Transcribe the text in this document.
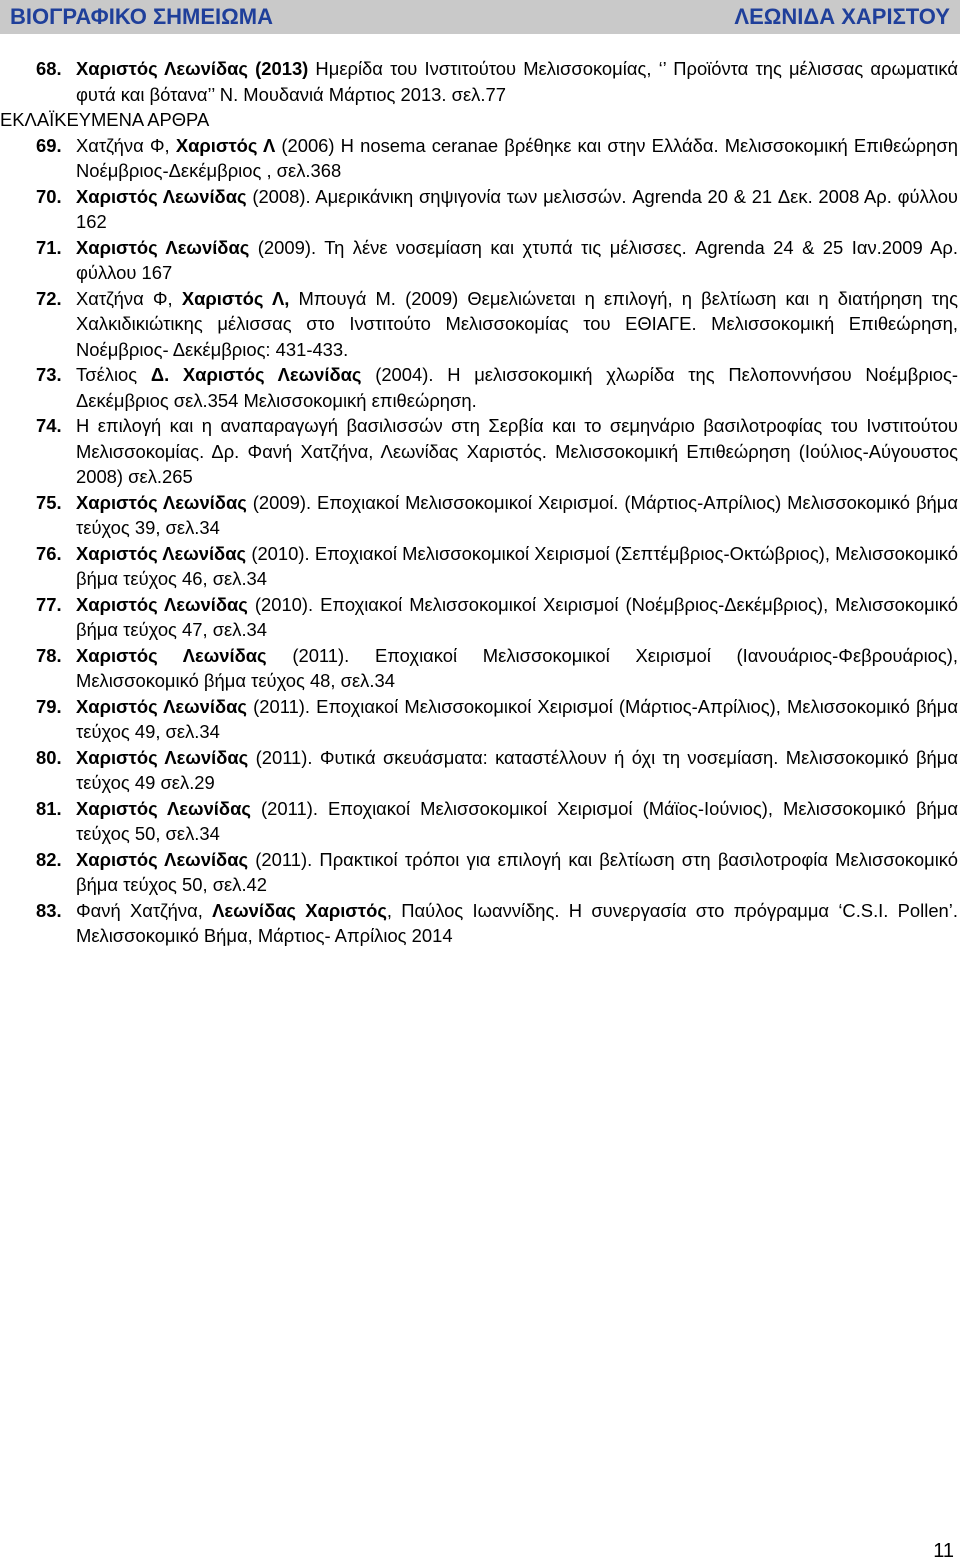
ΒΙΟΓΡΑΦΙΚΟ ΣΗΜΕΙΩΜΑ	ΛΕΩΝΙΔΑ ΧΑΡΙΣΤΟΥ
68. Χαριστός Λεωνίδας (2013) Ημερίδα του Ινστιτούτου Μελισσοκομίας, ‘’ Προϊόντα της μέλισσας αρωματικά φυτά και βότανα’’ Ν. Μουδανιά Μάρτιος 2013. σελ.77
ΕΚΛΑΪΚΕΥΜΕΝΑ ΑΡΘΡΑ
69. Χατζήνα Φ, Χαριστός Λ (2006) H nosema ceranae βρέθηκε και στην Ελλάδα. Μελισσοκομική Επιθεώρηση Νοέμβριος-Δεκέμβριος , σελ.368
70. Χαριστός Λεωνίδας (2008). Αμερικάνικη σηψιγονία των μελισσών. Agrenda 20 & 21 Δεκ. 2008 Αρ. φύλλου 162
71. Χαριστός Λεωνίδας (2009). Τη λένε νοσεμίαση και χτυπά τις μέλισσες. Agrenda 24 & 25 Ιαν.2009 Αρ. φύλλου 167
72. Χατζήνα Φ, Χαριστός Λ, Μπουγά Μ. (2009) Θεμελιώνεται η επιλογή, η βελτίωση και η διατήρηση της Χαλκιδικιώτικης μέλισσας στο Ινστιτούτο Μελισσοκομίας του ΕΘΙΑΓΕ. Μελισσοκομική Επιθεώρηση, Νοέμβριος- Δεκέμβριος: 431-433.
73. Τσέλιος Δ. Χαριστός Λεωνίδας (2004). Η μελισσοκομική χλωρίδα της Πελοποννήσου Νοέμβριος- Δεκέμβριος σελ.354 Μελισσοκομική επιθεώρηση.
74. Η επιλογή και η αναπαραγωγή βασιλισσών στη Σερβία και το σεμηνάριο βασιλοτροφίας του Ινστιτούτου Μελισσοκομίας. Δρ. Φανή Χατζήνα, Λεωνίδας Χαριστός. Μελισσοκομική Επιθεώρηση (Ιούλιος-Αύγουστος 2008) σελ.265
75. Χαριστός Λεωνίδας (2009). Εποχιακοί Μελισσοκομικοί Χειρισμοί. (Μάρτιος-Απρίλιος) Μελισσοκομικό βήμα τεύχος 39, σελ.34
76. Χαριστός Λεωνίδας (2010). Εποχιακοί Μελισσοκομικοί Χειρισμοί (Σεπτέμβριος-Οκτώβριος), Μελισσοκομικό βήμα τεύχος 46, σελ.34
77. Χαριστός Λεωνίδας (2010). Εποχιακοί Μελισσοκομικοί Χειρισμοί (Νοέμβριος-Δεκέμβριος), Μελισσοκομικό βήμα τεύχος 47, σελ.34
78. Χαριστός Λεωνίδας (2011). Εποχιακοί Μελισσοκομικοί Χειρισμοί (Ιανουάριος-Φεβρουάριος), Μελισσοκομικό βήμα τεύχος 48, σελ.34
79. Χαριστός Λεωνίδας (2011). Εποχιακοί Μελισσοκομικοί Χειρισμοί (Μάρτιος-Απρίλιος), Μελισσοκομικό βήμα τεύχος 49, σελ.34
80. Χαριστός Λεωνίδας (2011). Φυτικά σκευάσματα: καταστέλλουν ή όχι τη νοσεμίαση. Μελισσοκομικό βήμα τεύχος 49 σελ.29
81. Χαριστός Λεωνίδας (2011). Εποχιακοί Μελισσοκομικοί Χειρισμοί (Μάϊος-Ιούνιος), Μελισσοκομικό βήμα τεύχος 50, σελ.34
82. Χαριστός Λεωνίδας (2011). Πρακτικοί τρόποι για επιλογή και βελτίωση στη βασιλοτροφία Μελισσοκομικό βήμα τεύχος 50, σελ.42
83. Φανή Χατζήνα, Λεωνίδας Χαριστός, Παύλος Ιωαννίδης. Η συνεργασία στο πρόγραμμα ‘C.S.I. Pollen’. Μελισσοκομικό Βήμα, Μάρτιος- Απρίλιος 2014
11
